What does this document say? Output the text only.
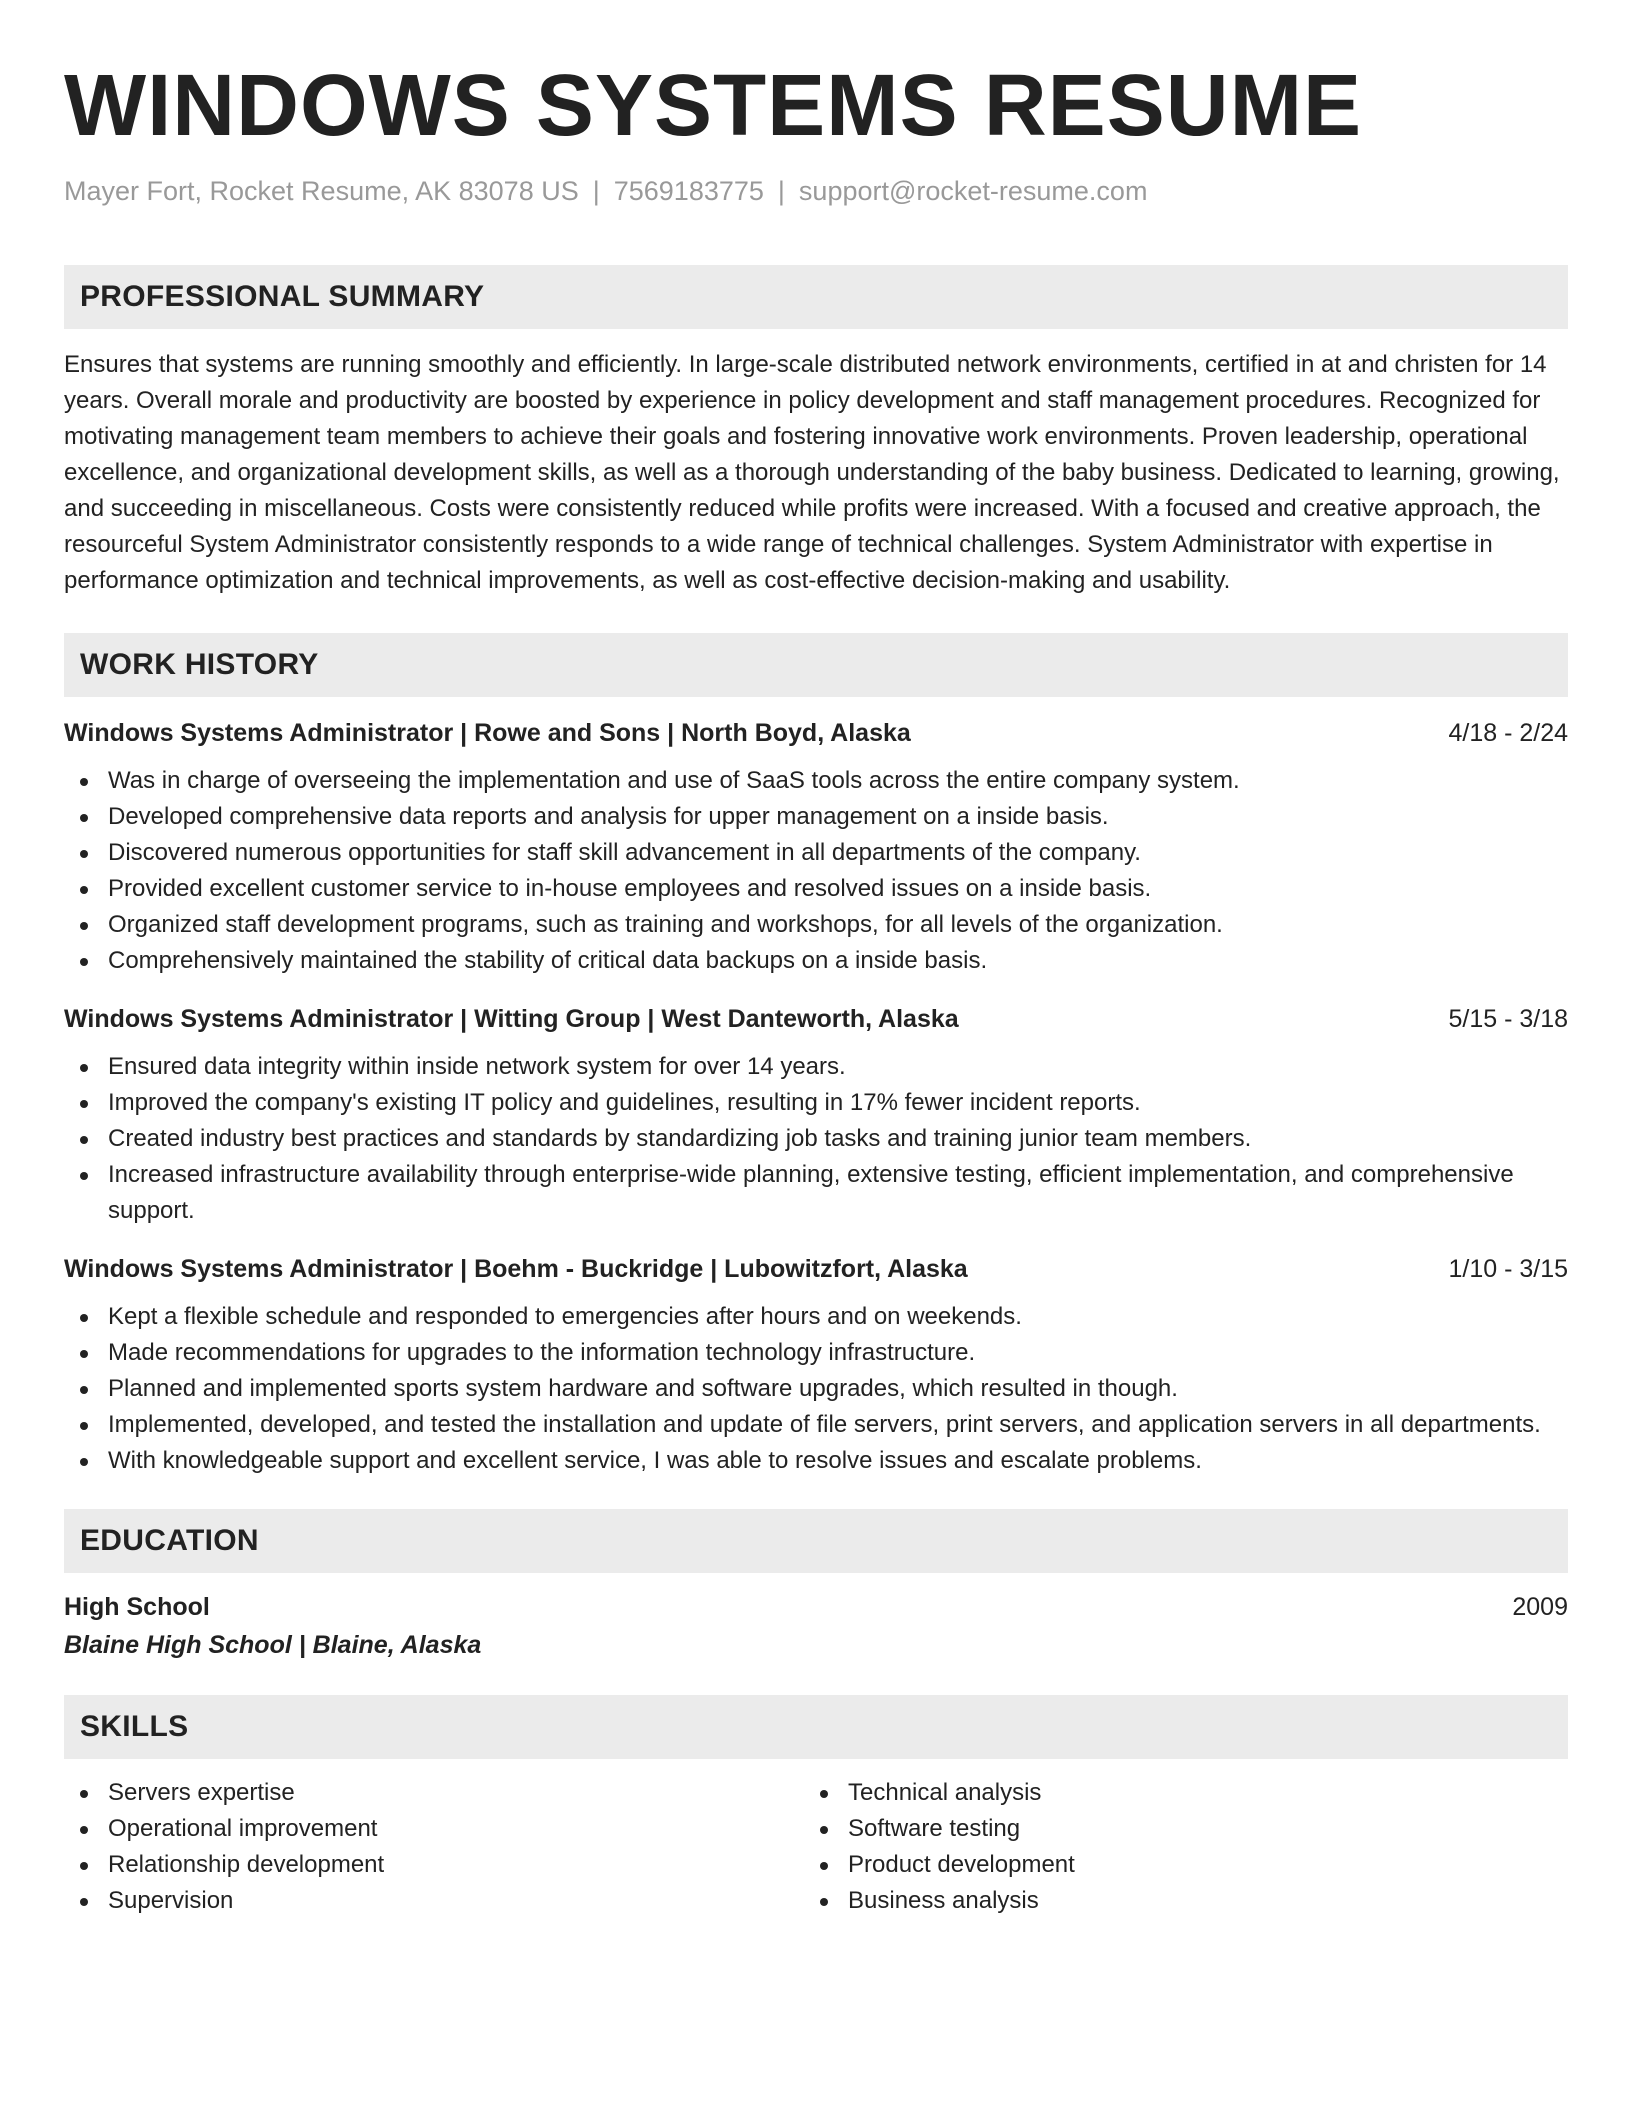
WINDOWS SYSTEMS RESUME
Mayer Fort, Rocket Resume, AK 83078 US | 7569183775 | support@rocket-resume.com
PROFESSIONAL SUMMARY
Ensures that systems are running smoothly and efficiently. In large-scale distributed network environments, certified in at and christen for 14 years. Overall morale and productivity are boosted by experience in policy development and staff management procedures. Recognized for motivating management team members to achieve their goals and fostering innovative work environments. Proven leadership, operational excellence, and organizational development skills, as well as a thorough understanding of the baby business. Dedicated to learning, growing, and succeeding in miscellaneous. Costs were consistently reduced while profits were increased. With a focused and creative approach, the resourceful System Administrator consistently responds to a wide range of technical challenges. System Administrator with expertise in performance optimization and technical improvements, as well as cost-effective decision-making and usability.
WORK HISTORY
Windows Systems Administrator | Rowe and Sons | North Boyd, Alaska	4/18 - 2/24
Was in charge of overseeing the implementation and use of SaaS tools across the entire company system.
Developed comprehensive data reports and analysis for upper management on a inside basis.
Discovered numerous opportunities for staff skill advancement in all departments of the company.
Provided excellent customer service to in-house employees and resolved issues on a inside basis.
Organized staff development programs, such as training and workshops, for all levels of the organization.
Comprehensively maintained the stability of critical data backups on a inside basis.
Windows Systems Administrator | Witting Group | West Danteworth, Alaska	5/15 - 3/18
Ensured data integrity within inside network system for over 14 years.
Improved the company's existing IT policy and guidelines, resulting in 17% fewer incident reports.
Created industry best practices and standards by standardizing job tasks and training junior team members.
Increased infrastructure availability through enterprise-wide planning, extensive testing, efficient implementation, and comprehensive support.
Windows Systems Administrator | Boehm - Buckridge | Lubowitzfort, Alaska	1/10 - 3/15
Kept a flexible schedule and responded to emergencies after hours and on weekends.
Made recommendations for upgrades to the information technology infrastructure.
Planned and implemented sports system hardware and software upgrades, which resulted in though.
Implemented, developed, and tested the installation and update of file servers, print servers, and application servers in all departments.
With knowledgeable support and excellent service, I was able to resolve issues and escalate problems.
EDUCATION
High School	2009
Blaine High School | Blaine, Alaska
SKILLS
Servers expertise
Operational improvement
Relationship development
Supervision
Technical analysis
Software testing
Product development
Business analysis
